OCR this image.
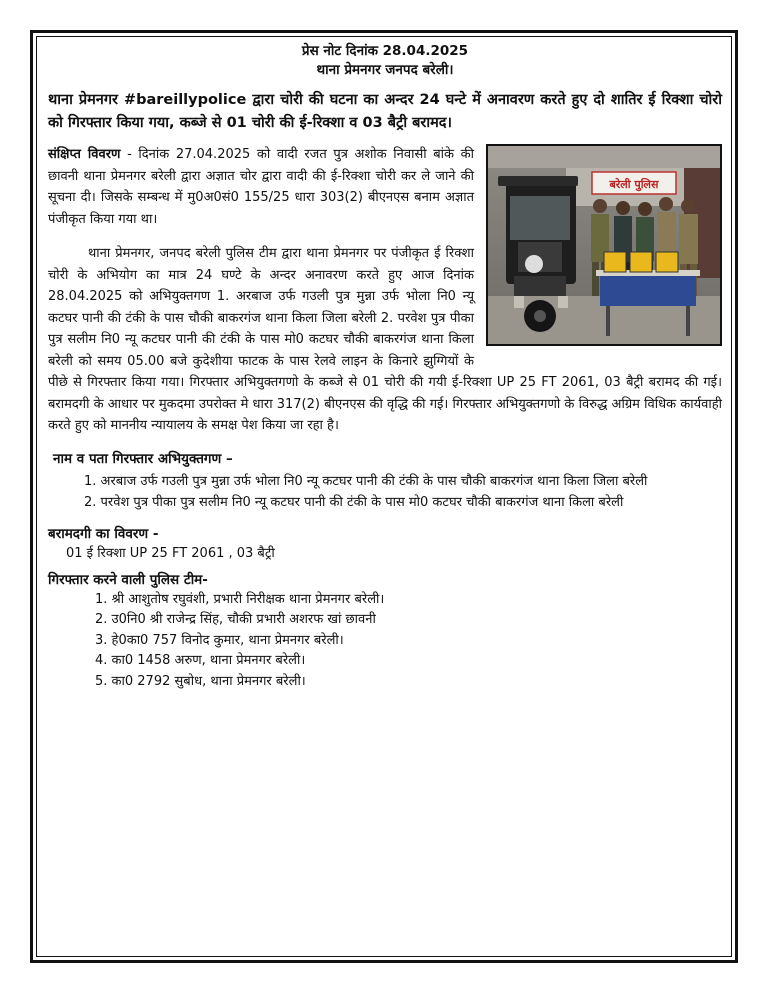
प्रेस नोट दिनांक 28.04.2025
थाना प्रेमनगर जनपद बरेली।
थाना प्रेमनगर #bareillypolice द्वारा चोरी की घटना का अन्दर 24 घन्टे में अनावरण करते हुए दो शातिर ई रिक्शा चोरो को गिरफ्तार किया गया, कब्जे से 01 चोरी की ई-रिक्शा व 03 बैट्री बरामद।
बरेली पुलिस
संक्षिप्त विवरण - दिनांक 27.04.2025 को वादी रजत पुत्र अशोक निवासी बांके की छावनी थाना प्रेमनगर बरेली द्वारा अज्ञात चोर द्वारा वादी की ई-रिक्शा चोरी कर ले जाने की सूचना दी। जिसके सम्बन्ध में मु0अ0सं0 155/25 धारा 303(2) बीएनएस बनाम अज्ञात पंजीकृत किया गया था।
थाना प्रेमनगर, जनपद बरेली पुलिस टीम द्वारा थाना प्रेमनगर पर पंजीकृत ई रिक्शा चोरी के अभियोग का मात्र 24 घण्टे के अन्दर अनावरण करते हुए आज दिनांक 28.04.2025 को अभियुक्तगण 1. अरबाज उर्फ गउली पुत्र मुन्ना उर्फ भोला नि0 न्यू कटघर पानी की टंकी के पास चौकी बाकरगंज थाना किला जिला बरेली 2. परवेश पुत्र पीका पुत्र सलीम नि0 न्यू कटघर पानी की टंकी के पास मो0 कटघर चौकी बाकरगंज थाना किला बरेली को समय 05.00 बजे कुदेशीया फाटक के पास रेलवे लाइन के किनारे झुग्गियों के पीछे से गिरफ्तार किया गया। गिरफ्तार अभियुक्तगणो के कब्जे से 01 चोरी की गयी ई-रिक्शा UP 25 FT 2061, 03 बैट्री बरामद की गई। बरामदगी के आधार पर मुकदमा उपरोक्त मे धारा 317(2) बीएनएस की वृद्धि की गई। गिरफ्तार अभियुक्तगणो के विरुद्ध अग्रिम विधिक कार्यवाही करते हुए को माननीय न्यायालय के समक्ष पेश किया जा रहा है।
नाम व पता गिरफ्तार अभियुक्तगण –
1. अरबाज उर्फ गउली पुत्र मुन्ना उर्फ भोला नि0 न्यू कटघर पानी की टंकी के पास चौकी बाकरगंज थाना किला जिला बरेली
2. परवेश पुत्र पीका पुत्र सलीम नि0 न्यू कटघर पानी की टंकी के पास मो0 कटघर चौकी बाकरगंज थाना किला बरेली
बरामदगी का विवरण -
01 ई रिक्शा UP 25 FT 2061 , 03 बैट्री
गिरफ्तार करने वाली पुलिस टीम-
1. श्री आशुतोष रघुवंशी, प्रभारी निरीक्षक थाना प्रेमनगर बरेली।
2. उ0नि0 श्री राजेन्द्र सिंह, चौकी प्रभारी अशरफ खां छावनी
3. हे0का0 757 विनोद कुमार, थाना प्रेमनगर बरेली।
4. का0 1458 अरुण, थाना प्रेमनगर बरेली।
5. का0 2792 सुबोध, थाना प्रेमनगर बरेली।
